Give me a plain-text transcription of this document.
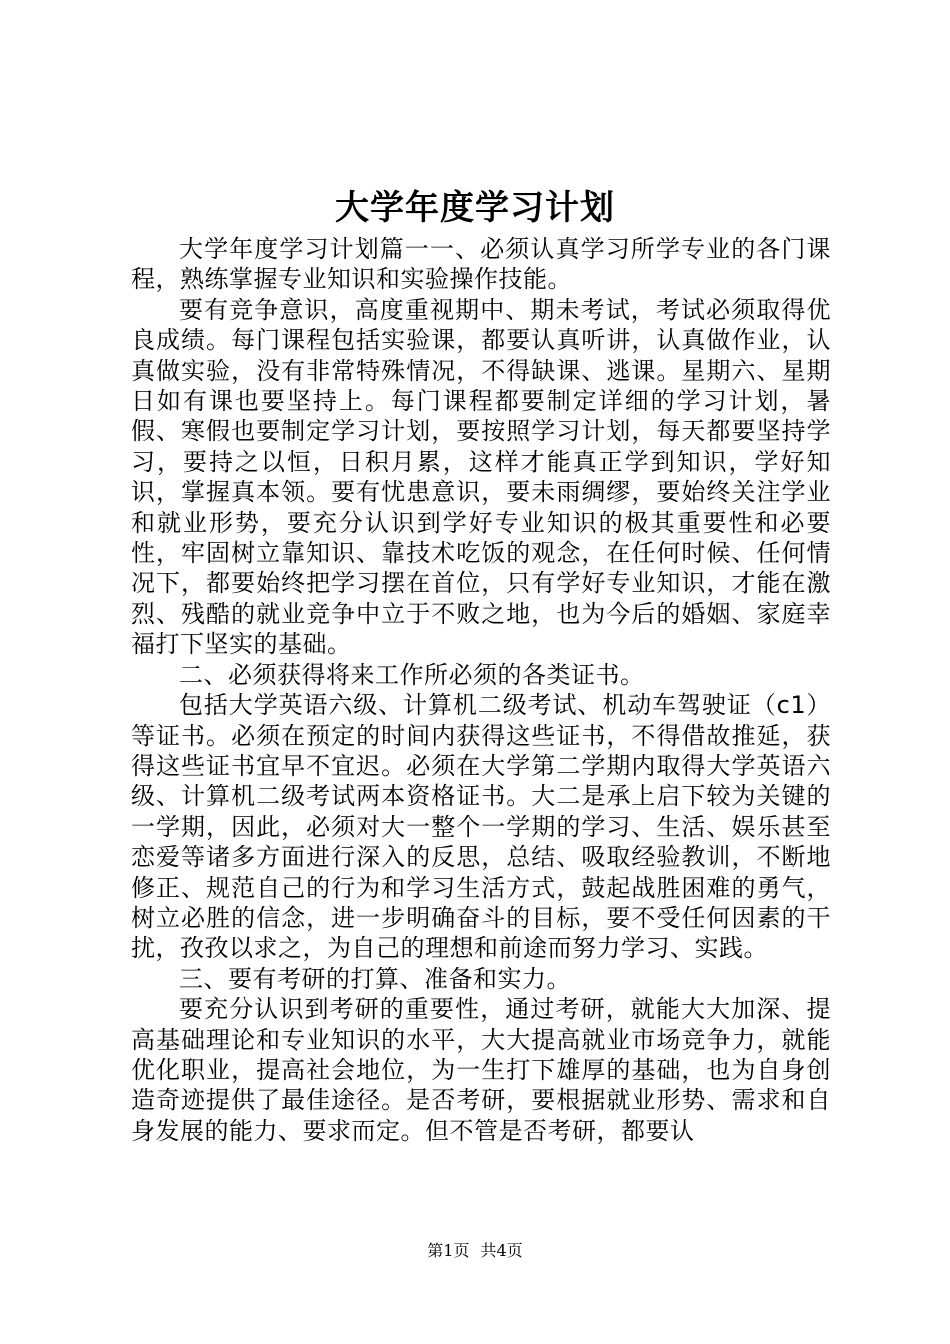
大学年度学习计划

大学年度学习计划篇一一、必须认真学习所学专业的各门课程，熟练掌握专业知识和实验操作技能。

要有竞争意识，高度重视期中、期未考试，考试必须取得优良成绩。每门课程包括实验课，都要认真听讲，认真做作业，认真做实验，没有非常特殊情况，不得缺课、逃课。星期六、星期日如有课也要坚持上。每门课程都要制定详细的学习计划，暑假、寒假也要制定学习计划，要按照学习计划，每天都要坚持学习，要持之以恒，日积月累，这样才能真正学到知识，学好知识，掌握真本领。要有忧患意识，要未雨绸缪，要始终关注学业和就业形势，要充分认识到学好专业知识的极其重要性和必要性，牢固树立靠知识、靠技术吃饭的观念，在任何时候、任何情况下，都要始终把学习摆在首位，只有学好专业知识，才能在激烈、残酷的就业竞争中立于不败之地，也为今后的婚姻、家庭幸福打下坚实的基础。

二、必须获得将来工作所必须的各类证书。

包括大学英语六级、计算机二级考试、机动车驾驶证（c1）等证书。必须在预定的时间内获得这些证书，不得借故推延，获得这些证书宜早不宜迟。必须在大学第二学期内取得大学英语六级、计算机二级考试两本资格证书。大二是承上启下较为关键的一学期，因此，必须对大一整个一学期的学习、生活、娱乐甚至恋爱等诸多方面进行深入的反思，总结、吸取经验教训，不断地修正、规范自己的行为和学习生活方式，鼓起战胜困难的勇气，树立必胜的信念，进一步明确奋斗的目标，要不受任何因素的干扰，孜孜以求之，为自己的理想和前途而努力学习、实践。

三、要有考研的打算、准备和实力。

要充分认识到考研的重要性，通过考研，就能大大加深、提高基础理论和专业知识的水平，大大提高就业市场竞争力，就能优化职业，提高社会地位，为一生打下雄厚的基础，也为自身创造奇迹提供了最佳途径。是否考研，要根据就业形势、需求和自身发展的能力、要求而定。但不管是否考研，都要认

第1页 共4页
